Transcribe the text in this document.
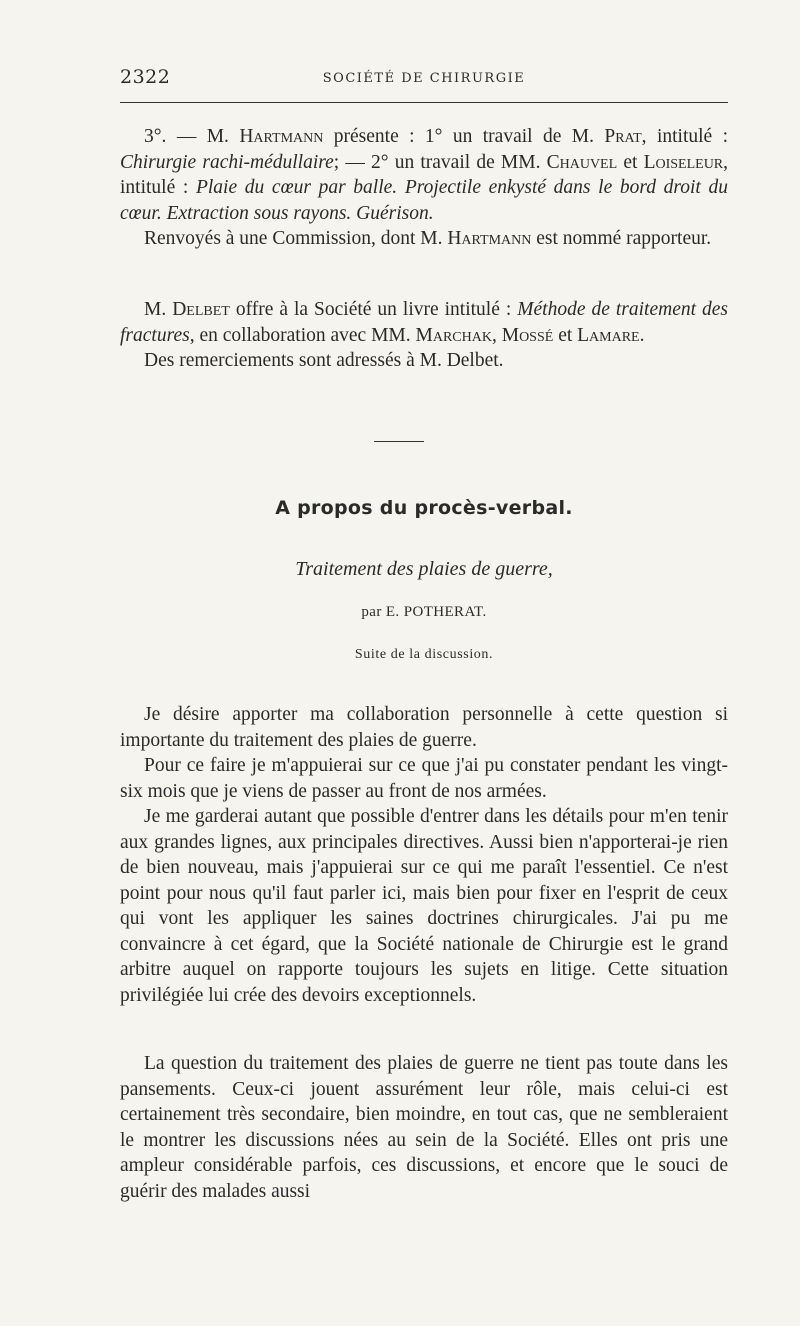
2322	SOCIÉTÉ DE CHIRURGIE

3°. — M. Hartmann présente : 1° un travail de M. Prat, intitulé : Chirurgie rachi-médullaire; — 2° un travail de MM. Chauvel et Loiseleur, intitulé : Plaie du cœur par balle. Projectile enkysté dans le bord droit du cœur. Extraction sous rayons. Guérison.

Renvoyés à une Commission, dont M. Hartmann est nommé rapporteur.

M. Delbet offre à la Société un livre intitulé : Méthode de traitement des fractures, en collaboration avec MM. Marchak, Mossé et Lamare.

Des remerciements sont adressés à M. Delbet.

A propos du procès-verbal.
Traitement des plaies de guerre,
par E. POTHERAT.
Suite de la discussion.

Je désire apporter ma collaboration personnelle à cette question si importante du traitement des plaies de guerre.

Pour ce faire je m'appuierai sur ce que j'ai pu constater pendant les vingt-six mois que je viens de passer au front de nos armées.

Je me garderai autant que possible d'entrer dans les détails pour m'en tenir aux grandes lignes, aux principales directives. Aussi bien n'apporterai-je rien de bien nouveau, mais j'appuierai sur ce qui me paraît l'essentiel. Ce n'est point pour nous qu'il faut parler ici, mais bien pour fixer en l'esprit de ceux qui vont les appliquer les saines doctrines chirurgicales. J'ai pu me convaincre à cet égard, que la Société nationale de Chirurgie est le grand arbitre auquel on rapporte toujours les sujets en litige. Cette situation privilégiée lui crée des devoirs exceptionnels.

La question du traitement des plaies de guerre ne tient pas toute dans les pansements. Ceux-ci jouent assurément leur rôle, mais celui-ci est certainement très secondaire, bien moindre, en tout cas, que ne sembleraient le montrer les discussions nées au sein de la Société. Elles ont pris une ampleur considérable parfois, ces discussions, et encore que le souci de guérir des malades aussi
